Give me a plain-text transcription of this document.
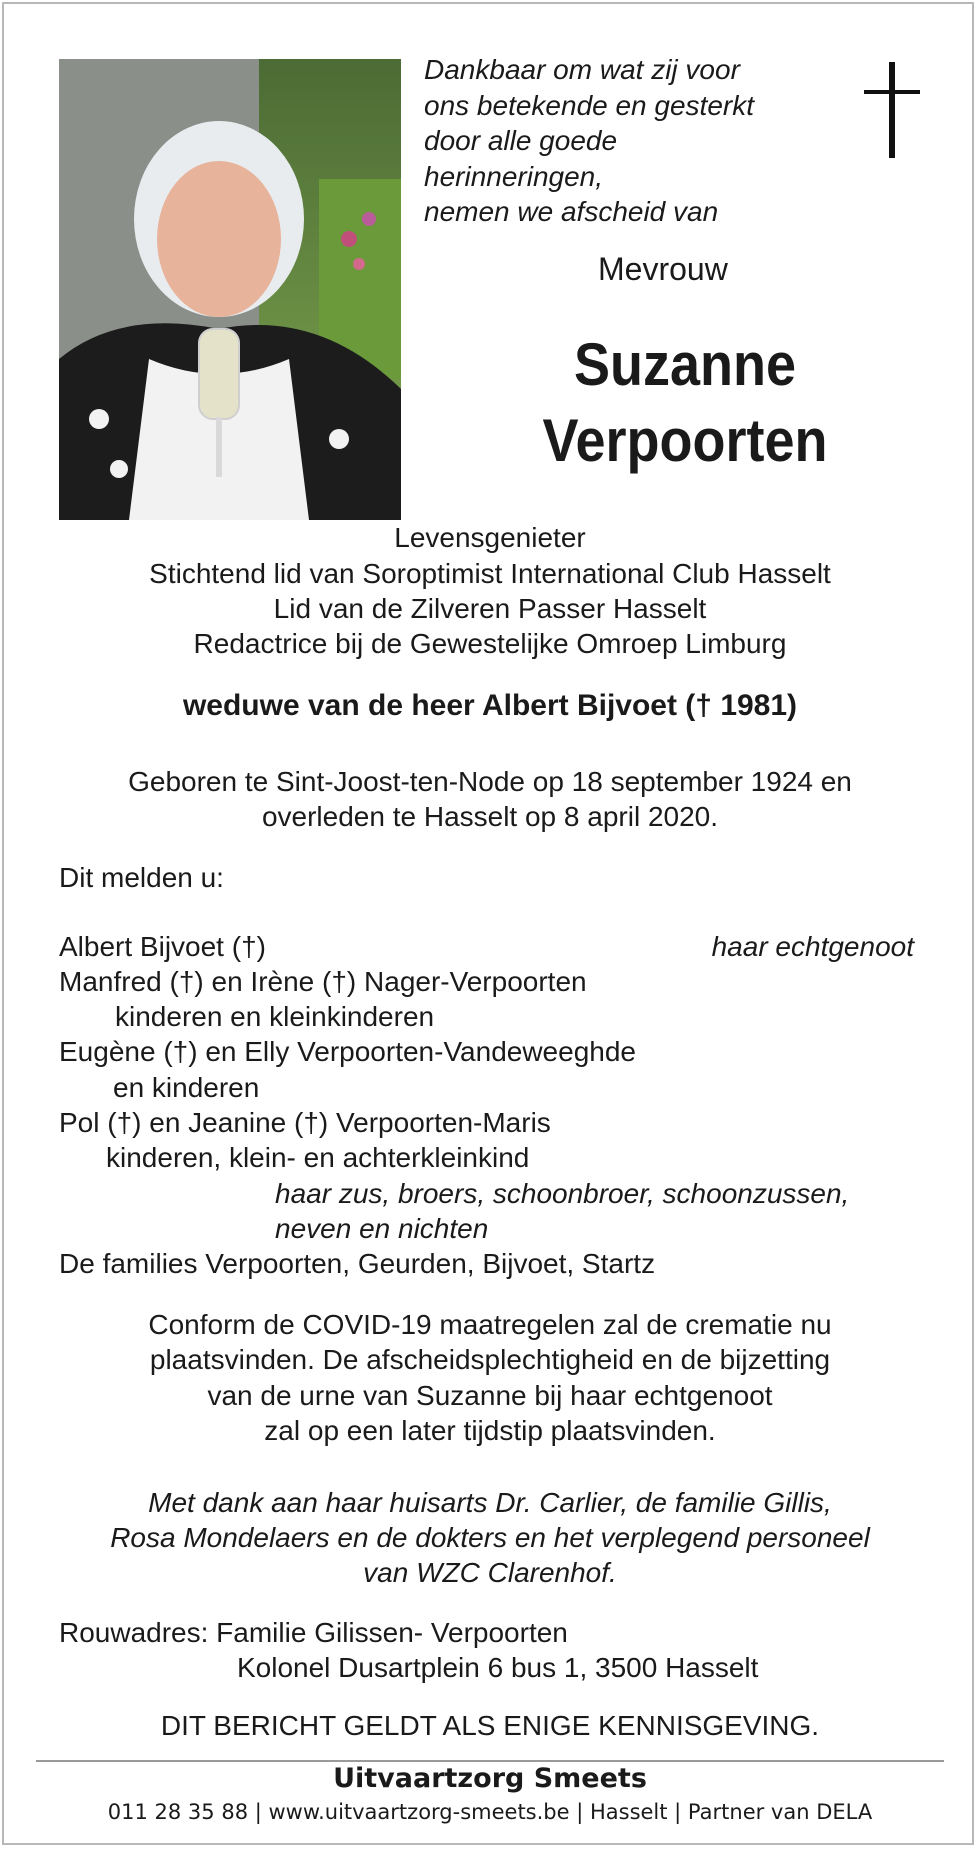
Dankbaar om wat zij voor
ons betekende en gesterkt
door alle goede
herinneringen,
nemen we afscheid van
Mevrouw
Suzanne
Verpoorten
Levensgenieter
Stichtend lid van Soroptimist International Club Hasselt
Lid van de Zilveren Passer Hasselt
Redactrice bij de Gewestelijke Omroep Limburg
weduwe van de heer Albert Bijvoet († 1981)
Geboren te Sint-Joost-ten-Node op 18 september 1924 en
overleden te Hasselt op 8 april 2020.
Dit melden u:
Albert Bijvoet (†)	haar echtgenoot
Manfred (†) en Irène (†) Nager-Verpoorten
kinderen en kleinkinderen
Eugène (†) en Elly Verpoorten-Vandeweeghde
en kinderen
Pol (†) en Jeanine (†) Verpoorten-Maris
kinderen, klein- en achterkleinkind
haar zus, broers, schoonbroer, schoonzussen,
neven en nichten
De families Verpoorten, Geurden, Bijvoet, Startz
Conform de COVID-19 maatregelen zal de crematie nu
plaatsvinden. De afscheidsplechtigheid en de bijzetting
van de urne van Suzanne bij haar echtgenoot
zal op een later tijdstip plaatsvinden.
Met dank aan haar huisarts Dr. Carlier, de familie Gillis,
Rosa Mondelaers en de dokters en het verplegend personeel
van WZC Clarenhof.
Rouwadres: Familie Gilissen- Verpoorten
Kolonel Dusartplein 6 bus 1, 3500 Hasselt
DIT BERICHT GELDT ALS ENIGE KENNISGEVING.
Uitvaartzorg Smeets
011 28 35 88 | www.uitvaartzorg-smeets.be | Hasselt | Partner van DELA
